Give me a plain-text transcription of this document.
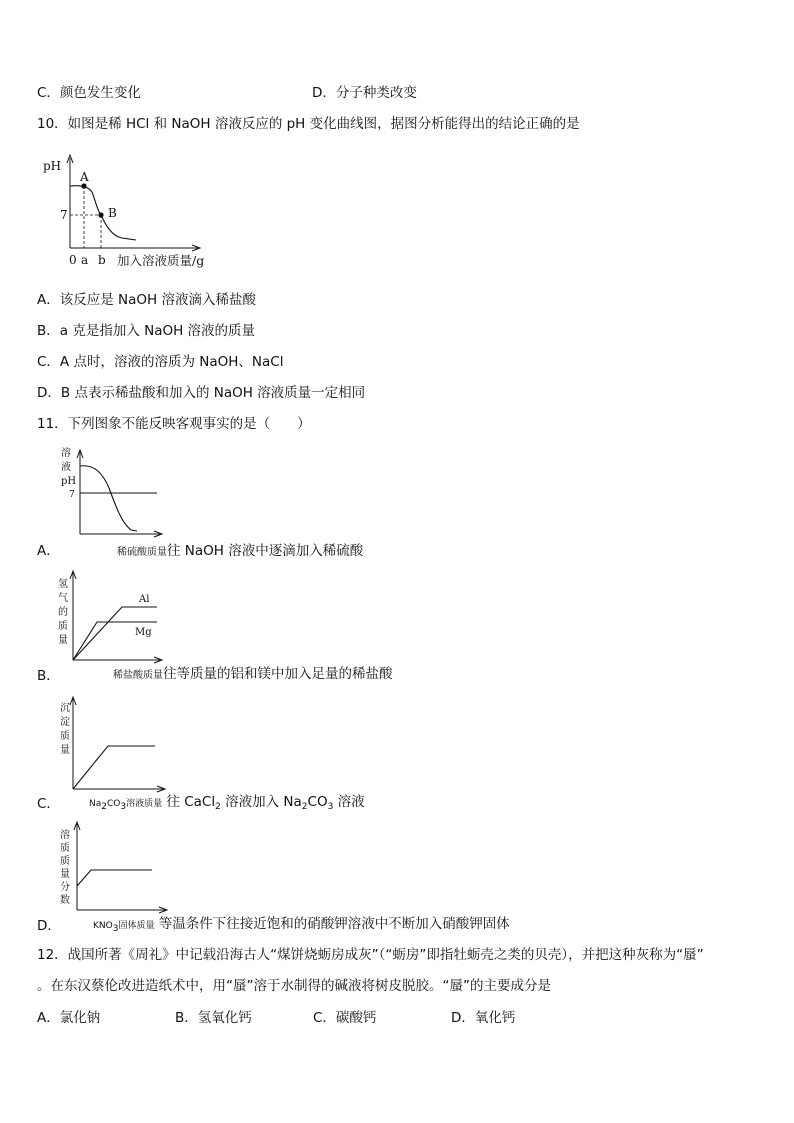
C．颜色发生变化	D．分子种类改变
10．如图是稀 HCl 和 NaOH 溶液反应的 pH 变化曲线图，据图分析能得出的结论正确的是
pH
A
B
7
0 a b 加入溶液质量/g
A．该反应是 NaOH 溶液滴入稀盐酸
B．a 克是指加入 NaOH 溶液的质量
C．A 点时，溶液的溶质为 NaOH、NaCl
D．B 点表示稀盐酸和加入的 NaOH 溶液质量一定相同
11．下列图象不能反映客观事实的是（　　）
溶
液
pH
7
A．	稀硫酸质量往 NaOH 溶液中逐滴加入稀硫酸
氢
气
的
质
量
Al
Mg
B．	稀盐酸质量往等质量的铝和镁中加入足量的稀盐酸
沉
淀
质
量
C．	Na2CO3溶液质量 往 CaCl$_2$ 溶液加入 $Na_2CO_3$ 溶液
溶
质
质
量
分
数
D．	KNO3固体质量 等温条件下往接近饱和的硝酸钾溶液中不断加入硝酸钾固体
12．战国所著《周礼》中记载沿海古人“煤饼烧蛎房成灰”（“蛎房”即指牡蛎壳之类的贝壳），并把这种灰称为“蜃”
。在东汉蔡伦改进造纸术中，用“蜃”溶于水制得的碱液将树皮脱胶。“蜃”的主要成分是
A．氯化钠	B．氢氧化钙	C．碳酸钙	D．氧化钙
